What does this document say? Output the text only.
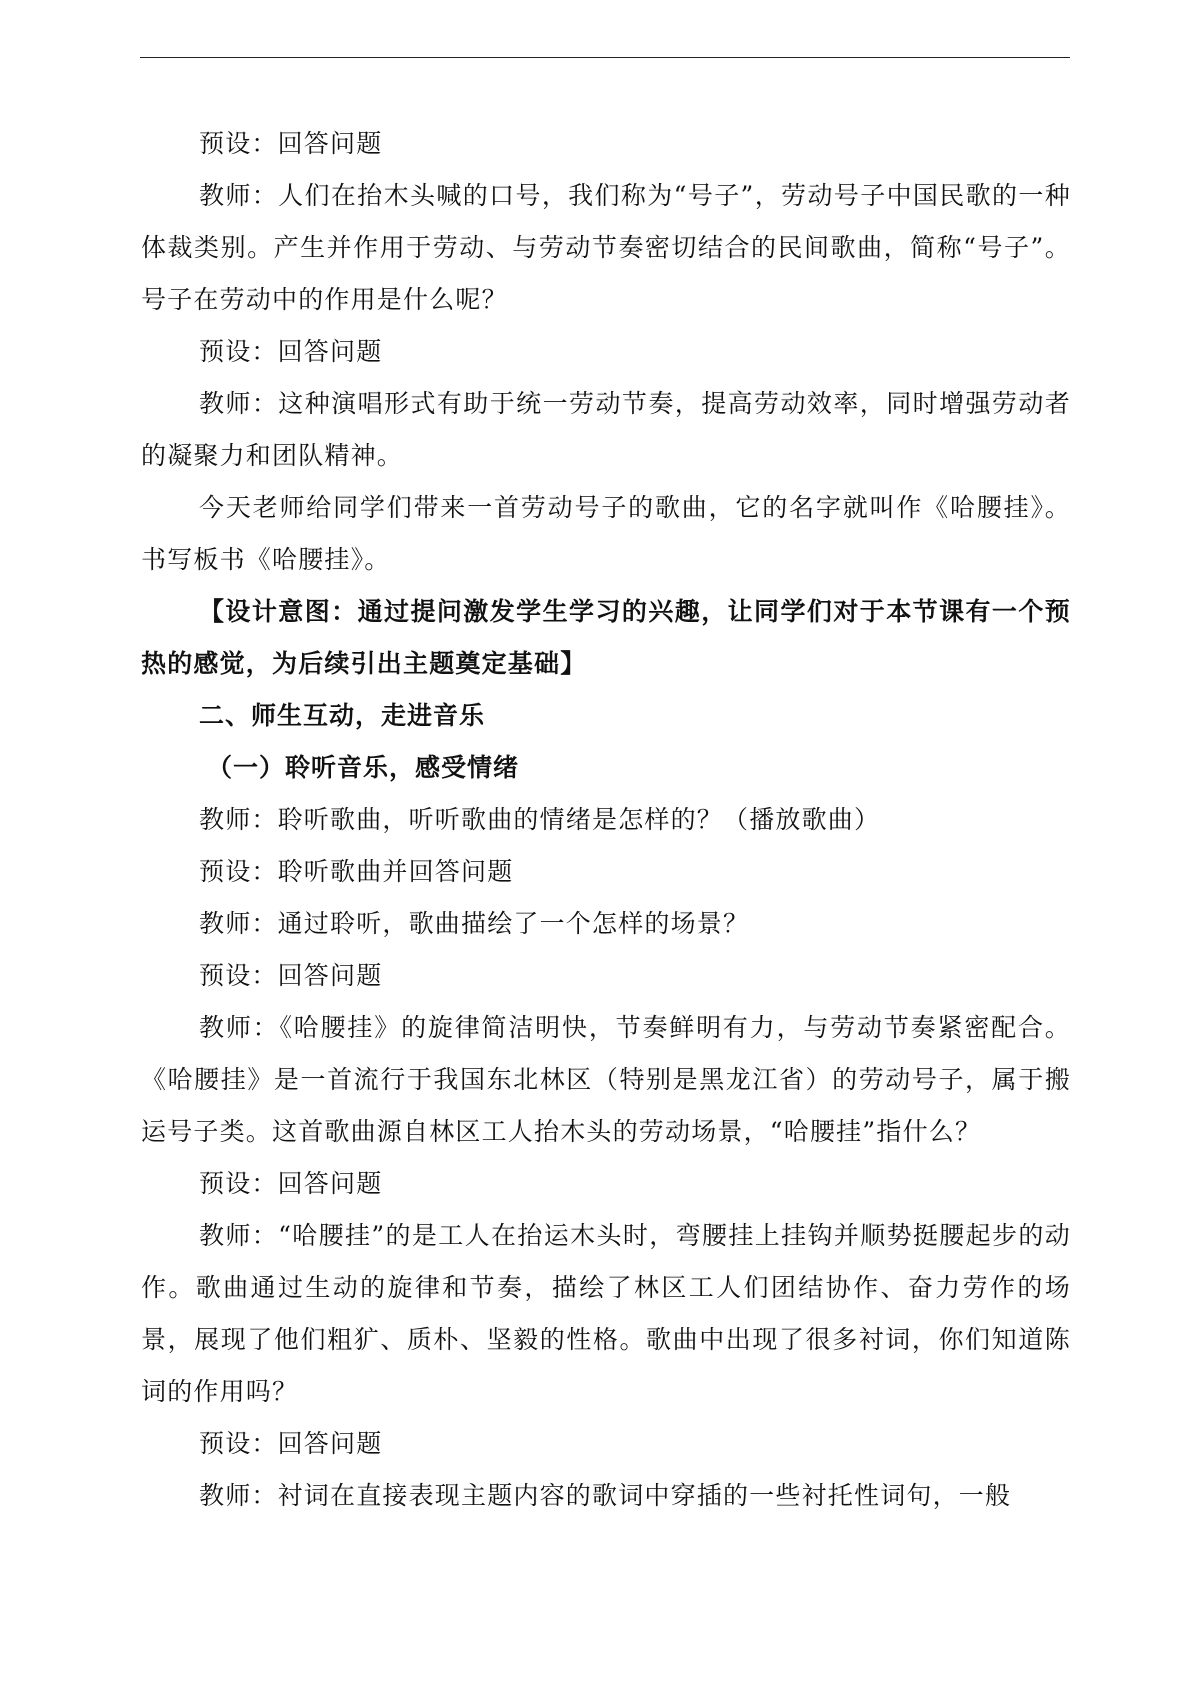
预设：回答问题

教师：人们在抬木头喊的口号，我们称为“号子”，劳动号子中国民歌的一种体裁类别。产生并作用于劳动、与劳动节奏密切结合的民间歌曲，简称“号子”。号子在劳动中的作用是什么呢？

预设：回答问题

教师：这种演唱形式有助于统一劳动节奏，提高劳动效率，同时增强劳动者的凝聚力和团队精神。

今天老师给同学们带来一首劳动号子的歌曲，它的名字就叫作《哈腰挂》。书写板书《哈腰挂》。

【设计意图：通过提问激发学生学习的兴趣，让同学们对于本节课有一个预热的感觉，为后续引出主题奠定基础】

二、师生互动，走进音乐

（一）聆听音乐，感受情绪

教师：聆听歌曲，听听歌曲的情绪是怎样的？（播放歌曲）

预设：聆听歌曲并回答问题

教师：通过聆听，歌曲描绘了一个怎样的场景？

预设：回答问题

教师：《哈腰挂》的旋律简洁明快，节奏鲜明有力，与劳动节奏紧密配合。《哈腰挂》是一首流行于我国东北林区（特别是黑龙江省）的劳动号子，属于搬运号子类。这首歌曲源自林区工人抬木头的劳动场景，“哈腰挂”指什么？

预设：回答问题

教师：“哈腰挂”的是工人在抬运木头时，弯腰挂上挂钩并顺势挺腰起步的动作。歌曲通过生动的旋律和节奏，描绘了林区工人们团结协作、奋力劳作的场景，展现了他们粗犷、质朴、坚毅的性格。歌曲中出现了很多衬词，你们知道陈词的作用吗？

预设：回答问题

教师：衬词在直接表现主题内容的歌词中穿插的一些衬托性词句，一般
